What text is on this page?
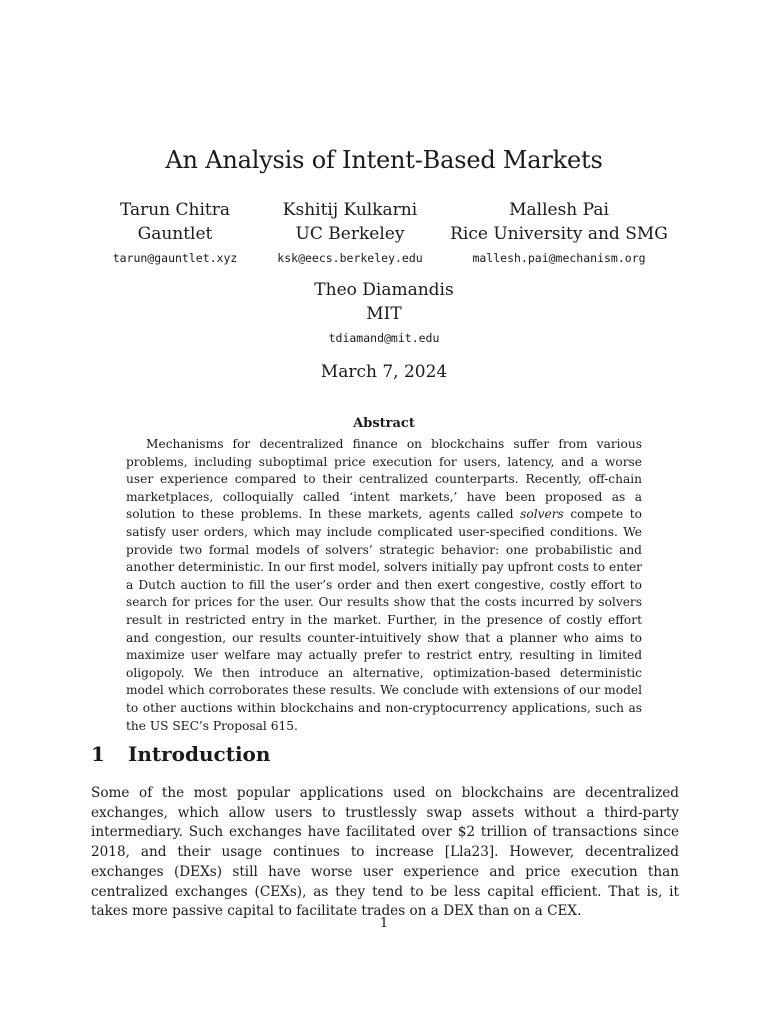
An Analysis of Intent-Based Markets
Tarun Chitra
Gauntlet
tarun@gauntlet.xyz
Kshitij Kulkarni
UC Berkeley
ksk@eecs.berkeley.edu
Mallesh Pai
Rice University and SMG
mallesh.pai@mechanism.org
Theo Diamandis
MIT
tdiamand@mit.edu
March 7, 2024
Abstract

Mechanisms for decentralized finance on blockchains suffer from various problems, including suboptimal price execution for users, latency, and a worse user experience compared to their centralized counterparts. Recently, off-chain marketplaces, colloquially called ‘intent markets,’ have been proposed as a solution to these problems. In these markets, agents called solvers compete to satisfy user orders, which may include complicated user-specified conditions. We provide two formal models of solvers’ strategic behavior: one probabilistic and another deterministic. In our first model, solvers initially pay upfront costs to enter a Dutch auction to fill the user’s order and then exert congestive, costly effort to search for prices for the user. Our results show that the costs incurred by solvers result in restricted entry in the market. Further, in the presence of costly effort and congestion, our results counter-intuitively show that a planner who aims to maximize user welfare may actually prefer to restrict entry, resulting in limited oligopoly. We then introduce an alternative, optimization-based deterministic model which corroborates these results. We conclude with extensions of our model to other auctions within blockchains and non-cryptocurrency applications, such as the US SEC’s Proposal 615.

1 Introduction

Some of the most popular applications used on blockchains are decentralized exchanges, which allow users to trustlessly swap assets without a third-party intermediary. Such exchanges have facilitated over $2 trillion of transactions since 2018, and their usage continues to increase [Lla23]. However, decentralized exchanges (DEXs) still have worse user experience and price execution than centralized exchanges (CEXs), as they tend to be less capital efficient. That is, it takes more passive capital to facilitate trades on a DEX than on a CEX.

1
